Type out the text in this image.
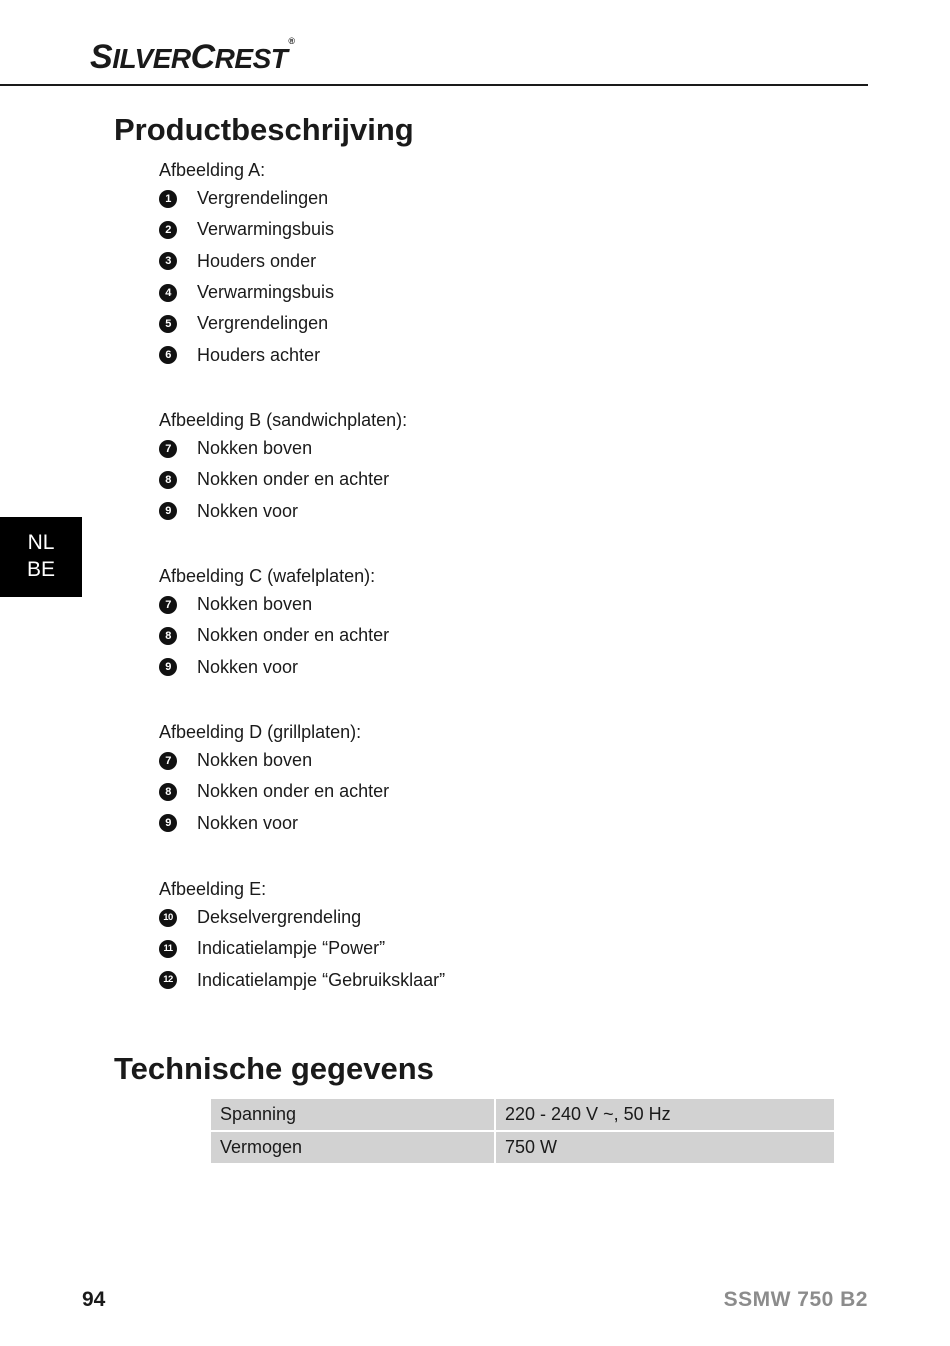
SILVERCREST®
NL
BE
Productbeschrijving
Afbeelding A:
1	Vergrendelingen
2	Verwarmingsbuis
3	Houders onder
4	Verwarmingsbuis
5	Vergrendelingen
6	Houders achter
Afbeelding B (sandwichplaten):
7	Nokken boven
8	Nokken onder en achter
9	Nokken voor
Afbeelding C (wafelplaten):
7	Nokken boven
8	Nokken onder en achter
9	Nokken voor
Afbeelding D (grillplaten):
7	Nokken boven
8	Nokken onder en achter
9	Nokken voor
Afbeelding E:
10 Dekselvergrendeling
11 Indicatielampje “Power”
12 Indicatielampje “Gebruiksklaar”
Technische gegevens
Spanning	220 - 240 V ~, 50 Hz
Vermogen	750 W
94	SSMW 750 B2
